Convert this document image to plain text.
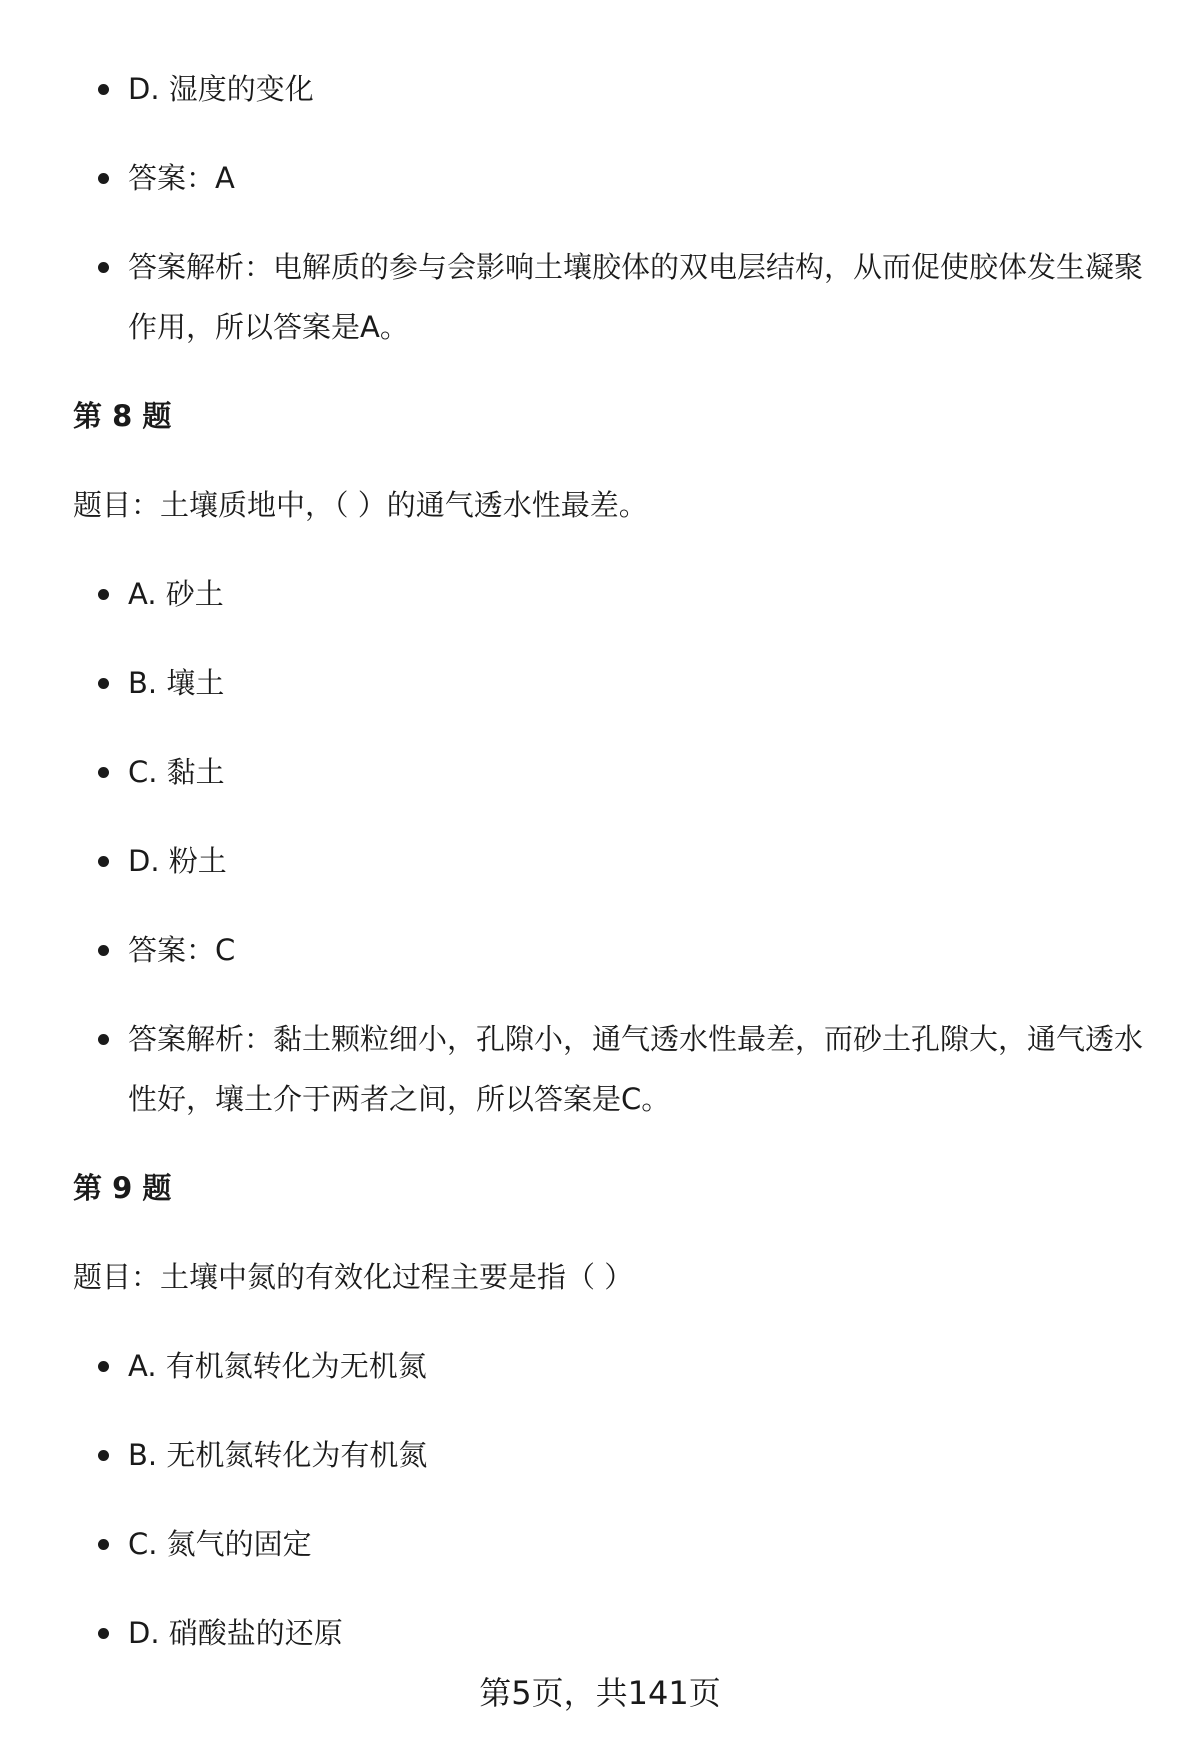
D. 湿度的变化
答案：A
答案解析：电解质的参与会影响土壤胶体的双电层结构，从而促使胶体发生凝聚作用，所以答案是A。
第 8 题
题目：土壤质地中，（ ）的通气透水性最差。
A. 砂土
B. 壤土
C. 黏土
D. 粉土
答案：C
答案解析：黏土颗粒细小，孔隙小，通气透水性最差，而砂土孔隙大，通气透水性好，壤土介于两者之间，所以答案是C。
第 9 题
题目：土壤中氮的有效化过程主要是指（ ）
A. 有机氮转化为无机氮
B. 无机氮转化为有机氮
C. 氮气的固定
D. 硝酸盐的还原
第5页，共141页
